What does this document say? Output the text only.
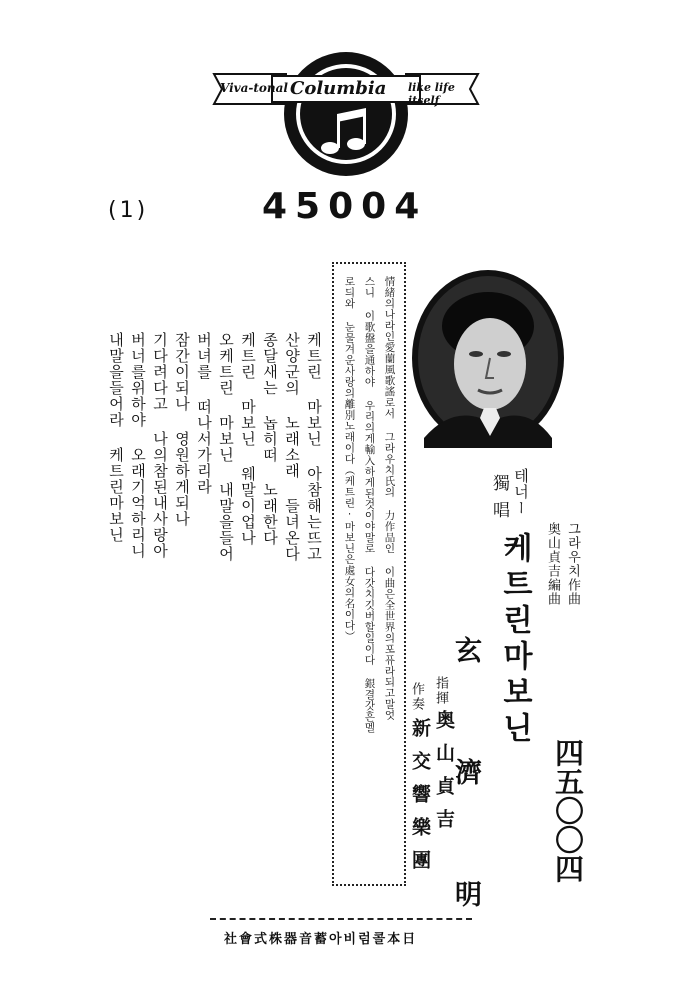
Viva-tonal Columbia like life itself
(1)	45004
그라우치作曲
奥山貞吉編曲
테너ー
獨唱
케트린마보닌
四五〇〇四
玄　濟　明
指揮
奥山貞吉
作奏
新交響樂團
情緒의나라인愛蘭風歌謠로서 그라우치氏의 力作品인 이曲은全世界의포퓨라되고말엇
스니 이歌盤을通하야 우리의게輸入하게된것이야말로 다갓치깃버할일이다 銀결갓흔멜
로듸와 눈물겨운사랑의離別노래이다（케트린·마보닌은處女의名이다）
케트린 마보닌 아참해는뜨고
산양군의 노래소래 들녀온다
종달새는 놉히떠 노래한다
케트린 마보닌 웨말이업나
오케트린 마보닌 내말을들어
버녀를 떠나서가리라
잠간이되나 영원하게되나
기다려다고 나의참된내사랑아
버너를위하야 오래기억하리니
내말을들어라 케트린마보닌
社會式株器音蓄아비럼콜本日
